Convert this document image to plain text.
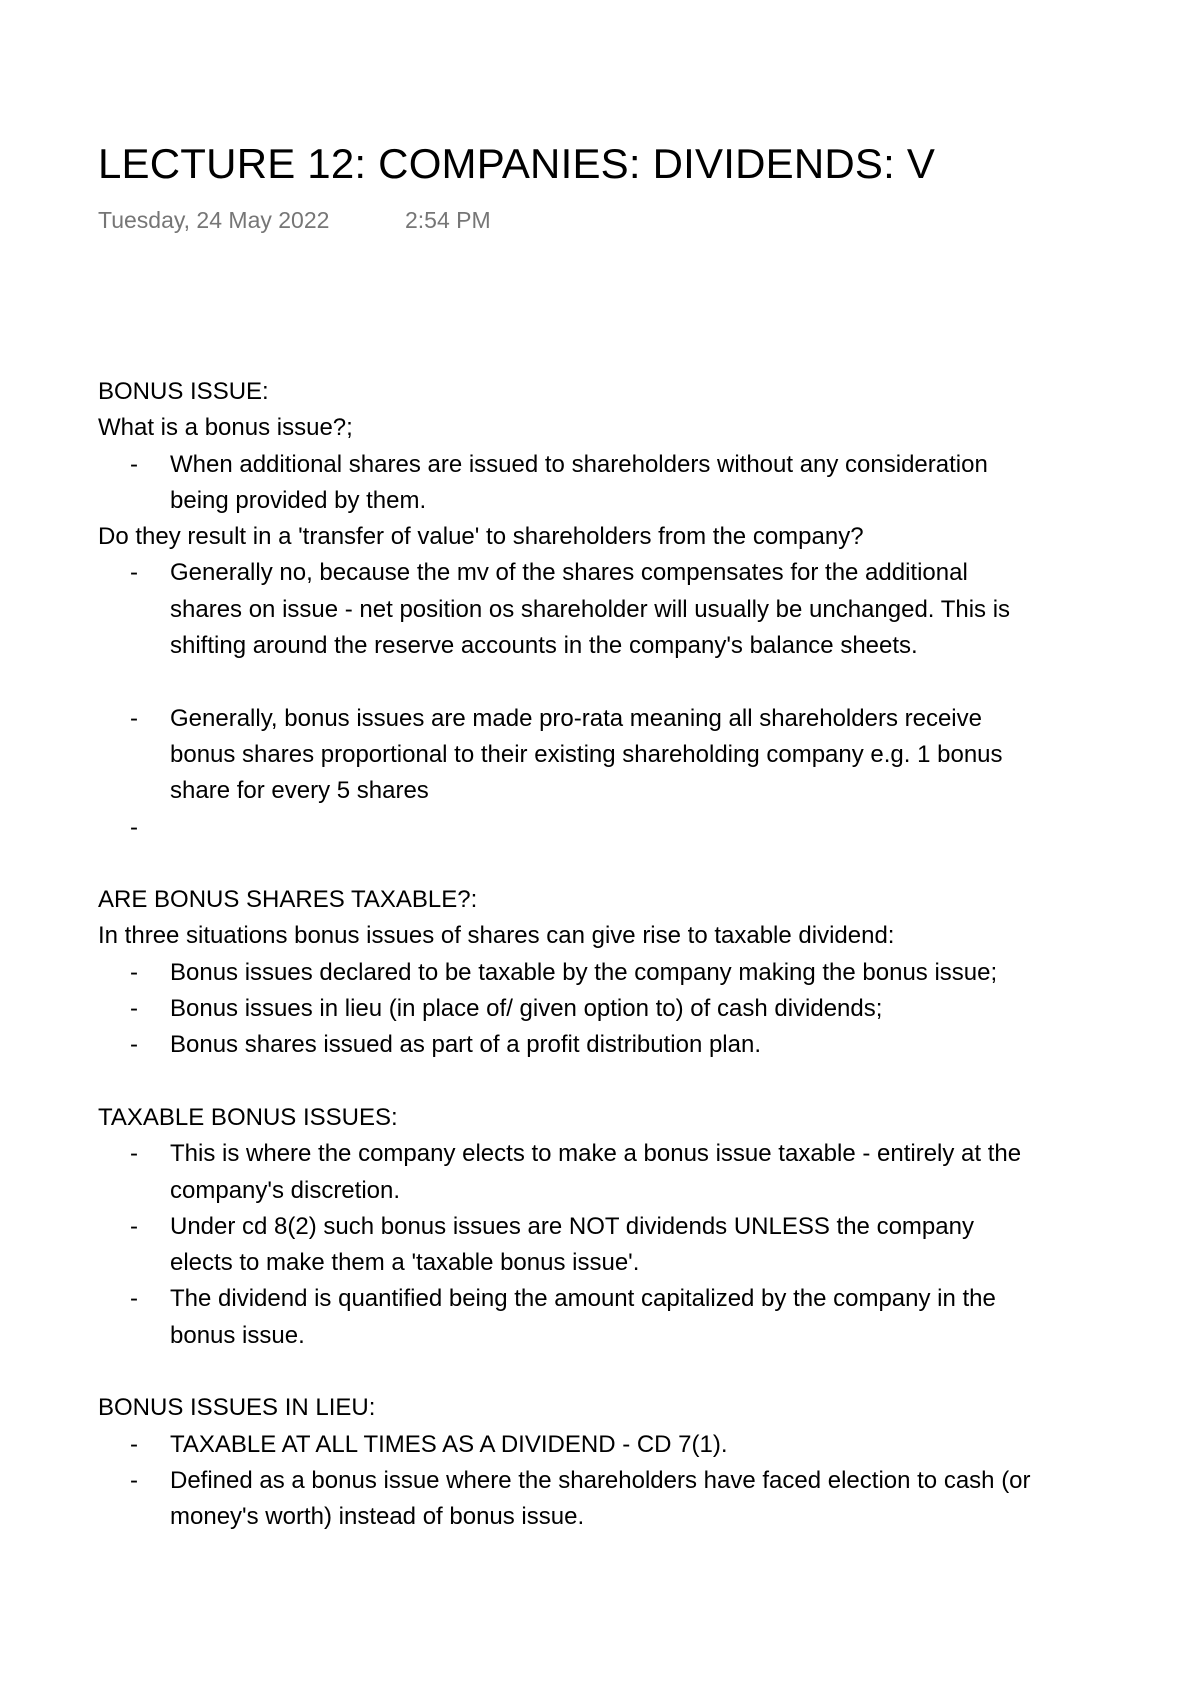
LECTURE 12: COMPANIES: DIVIDENDS: V
Tuesday, 24 May 2022	2:54 PM
BONUS ISSUE:
What is a bonus issue?;
- When additional shares are issued to shareholders without any consideration being provided by them.
Do they result in a 'transfer of value' to shareholders from the company?
- Generally no, because the mv of the shares compensates for the additional shares on issue - net position os shareholder will usually be unchanged. This is shifting around the reserve accounts in the company's balance sheets.
- Generally, bonus issues are made pro-rata meaning all shareholders receive bonus shares proportional to their existing shareholding company e.g. 1 bonus share for every 5 shares
-
ARE BONUS SHARES TAXABLE?:
In three situations bonus issues of shares can give rise to taxable dividend:
- Bonus issues declared to be taxable by the company making the bonus issue;
- Bonus issues in lieu (in place of/ given option to) of cash dividends;
- Bonus shares issued as part of a profit distribution plan.
TAXABLE BONUS ISSUES:
- This is where the company elects to make a bonus issue taxable - entirely at the company's discretion.
- Under cd 8(2) such bonus issues are NOT dividends UNLESS the company elects to make them a 'taxable bonus issue'.
- The dividend is quantified being the amount capitalized by the company in the bonus issue.
BONUS ISSUES IN LIEU:
- TAXABLE AT ALL TIMES AS A DIVIDEND - CD 7(1).
- Defined as a bonus issue where the shareholders have faced election to cash (or money's worth) instead of bonus issue.
